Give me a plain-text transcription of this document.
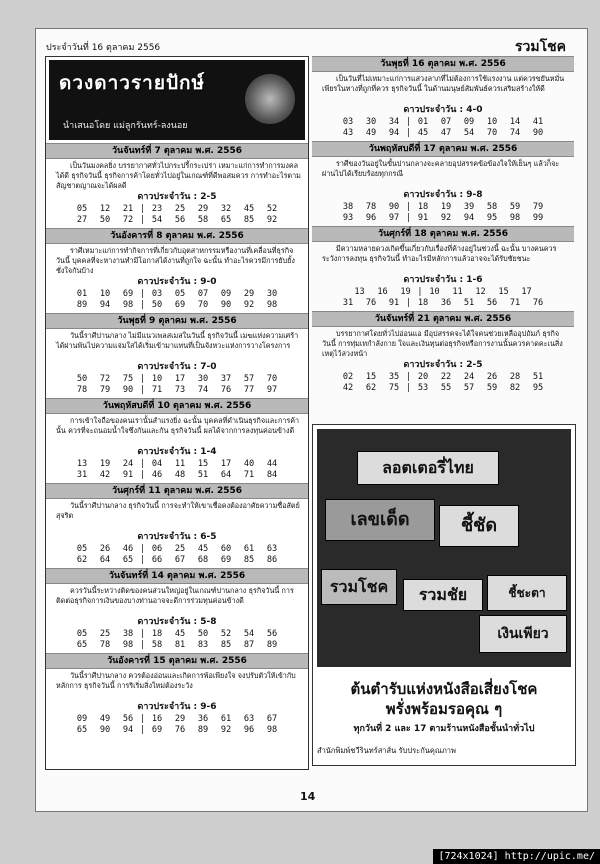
ประจำวันที่ 16 ตุลาคม 2556	รวมโชค
ดวงดาวรายปักษ์
นำเสนอโดย แม่ลูกรันทร์-ลงนอย
วันจันทร์ที่ 7 ตุลาคม พ.ศ. 2556
เป็นวันมงคลยิ่ง บรรยากาศทั่วไปกระปรี้กระเปร่า เหมาะแก่การทำการมงคลได้ดี ธุรกิจวันนี้ ธุรกิจการค้าโดยทั่วไปอยู่ในเกณฑ์ที่ดีพอสมควร การทำอะไรตามสัญชาตญาณจะได้ผลดี
ดาวประจำวัน : 2-5
05	12	21 | 23	25	29	32	45	52
27	50	72 | 54	56	58	65	85	92
วันอังคารที่ 8 ตุลาคม พ.ศ. 2556
ราศีเหมาะแก่การทำกิจการที่เกี่ยวกับอุตสาหกรรมหรืองานที่เคลื่อนที่ธุรกิจวันนี้ บุคคลที่จะหางานทำมีโอกาสได้งานที่ถูกใจ ฉะนั้น ทำอะไรควรมีการยับยั้งชั่งใจกันบ้าง
ดาวประจำวัน : 9-0
01	10	69 | 03	05	07	09	29	30
89	94	98 | 50	69	70	90	92	98
วันพุธที่ 9 ตุลาคม พ.ศ. 2556
วันนี้ราศีปานกลาง ไม่มีแนวเพลสเมสในวันนี้ ธุรกิจวันนี้ เมฆแห่งความเศร้าได้ผ่านพ้นไปความแจ่มใสได้เริ่มเข้ามาแทนที่เป็นจังหวะแห่งการวางโครงการ
ดาวประจำวัน : 7-0
50	72	75 | 10	17	30	37	57	70
78	79	90 | 71	73	74	76	77	97
วันพฤหัสบดีที่ 10 ตุลาคม พ.ศ. 2556
การเข้าใจถือของคนเรานั้นสำแรงยิ่ง ฉะนั้น บุคคลที่ดำเนินธุรกิจและการค้านั้น ควรที่จะถนอมน้ำใจซึ่งกันและกัน ธุรกิจวันนี้ ผลได้จากการลงทุนค่อนข้างดี
ดาวประจำวัน : 1-4
13	19	24 | 04	11	15	17	40	44
31	42	91 | 46	48	51	64	71	84
วันศุกร์ที่ 11 ตุลาคม พ.ศ. 2556
วันนี้ราศีปานกลาง ธุรกิจวันนี้ การจะทำให้เขาเชื่อคงต้องอาศัยความซื่อสัตย์สุจริต
ดาวประจำวัน : 6-5
05	26	46 | 06	25	45	60	61	63
62	64	65 | 66	67	68	69	85	86
วันจันทร์ที่ 14 ตุลาคม พ.ศ. 2556
ควรวันนี้ระหว่างติดของคนส่วนใหญ่อยู่ในเกณฑ์ปานกลาง ธุรกิจวันนี้ การติดต่อธุรกิจการเงินของบางท่านอาจจะดีการร่วมทุนค่อนข้างดี
ดาวประจำวัน : 5-8
05	25	38 | 18	45	50	52	54	56
65	78	98 | 58	81	83	85	87	89
วันอังคารที่ 15 ตุลาคม พ.ศ. 2556
วันนี้ราศีปานกลาง ควรต้องอ่อนและเกิดการพ้อเพียงใจ จงปรับตัวให้เข้ากับหลักการ ธุรกิจวันนี้ การริเริ่มสิ่งใหม่ต้องระวัง
ดาวประจำวัน : 9-6
09	49	56 | 16	29	36	61	63	67
65	90	94 | 69	76	89	92	96	98
วันพุธที่ 16 ตุลาคม พ.ศ. 2556
เป็นวันที่ไม่เหมาะแก่การแสวงลาภที่ไม่ต้องการใช้แรงงาน แต่ควรขยันหมั่นเพียรในทางที่ถูกที่ควร ธุรกิจวันนี้ ในด้านมนุษย์สัมพันธ์ควรเสริมสร้างให้ดี
ดาวประจำวัน : 4-0
03	30	34 | 01	07	09	10	14	41
43	49	94 | 45	47	54	70	74	90
วันพฤหัสบดีที่ 17 ตุลาคม พ.ศ. 2556
ราศีของวันอยู่ในขั้นปานกลางจะคลายอุปสรรคข้อข้องใจให้เย็นๆ แล้วก็จะผ่านไปได้เรียบร้อยทุกกรณี
ดาวประจำวัน : 9-8
38	78	90 | 18	19	39	58	59	79
93	96	97 | 91	92	94	95	98	99
วันศุกร์ที่ 18 ตุลาคม พ.ศ. 2556
มีความหลายดวงเกิดขึ้นเกี่ยวกับเรื่องที่ค้างอยู่ในช่วงนี้ ฉะนั้น บางคนควรระวังการลงทุน ธุรกิจวันนี้ ทำอะไรมีหลักการแล้วอาจจะได้รับชัยชนะ
ดาวประจำวัน : 1-6
13	16	19 | 10	11	12	15	17
31	76	91 | 18	36	51	56	71	76
วันจันทร์ที่ 21 ตุลาคม พ.ศ. 2556
บรรยากาศโดยทั่วไปอ่อนแอ มีอุปสรรคจะได้ใจคนช่วยเหลืออุปถัมภ์ ธุรกิจวันนี้ การทุ่มเทกำลังกาย ใจและเงินทุนต่อธุรกิจหรือการงานนั้นควรคาดคะเนสิ่งเหตุไว้ล่วงหน้า
ดาวประจำวัน : 2-5
02	15	35 | 20	22	24	26	28	51
42	62	75 | 53	55	57	59	82	95
ลอตเตอรี่ไทย
เลขเด็ด	ชี้ชัด
รวมโชค	รวมชัย	ชี้ชะตา
เงินเพียว
ต้นตำรับแห่งหนังสือเสี่ยงโชค
พรั่งพร้อมรอคุณ ๆ
ทุกวันที่ 2 และ 17 ตามร้านหนังสือชั้นนำทั่วไป
สำนักพิมพ์ชวีรินทร์สาส์น รับประกันคุณภาพ
14
[724x1024] http://upic.me/
